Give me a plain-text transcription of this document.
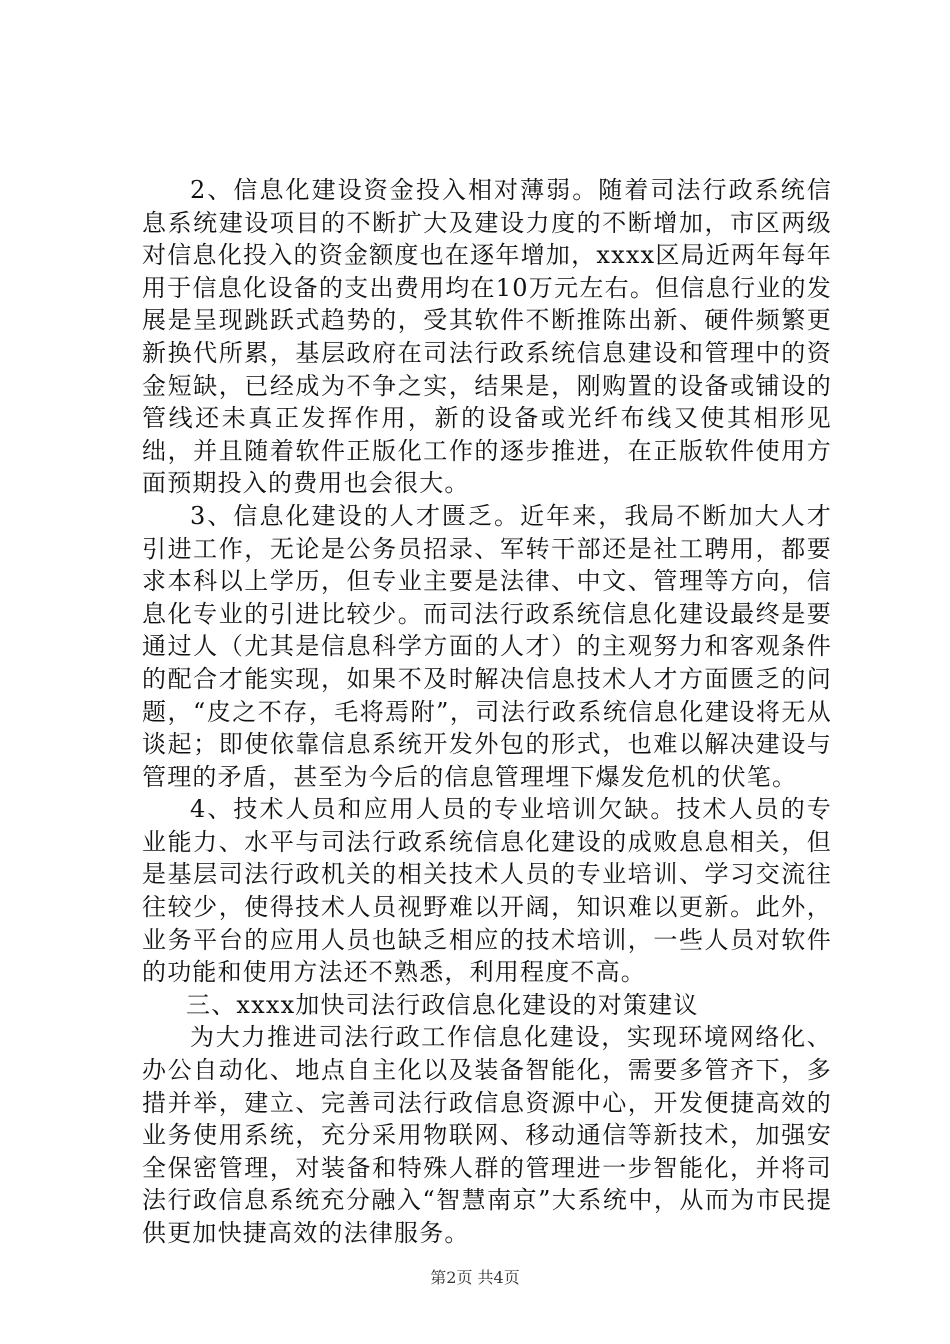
2、信息化建设资金投入相对薄弱。随着司法行政系统信息系统建设项目的不断扩大及建设力度的不断增加，市区两级对信息化投入的资金额度也在逐年增加，xxxx区局近两年每年用于信息化设备的支出费用均在10万元左右。但信息行业的发展是呈现跳跃式趋势的，受其软件不断推陈出新、硬件频繁更新换代所累，基层政府在司法行政系统信息建设和管理中的资金短缺，已经成为不争之实，结果是，刚购置的设备或铺设的管线还未真正发挥作用，新的设备或光纤布线又使其相形见绌，并且随着软件正版化工作的逐步推进，在正版软件使用方面预期投入的费用也会很大。

3、信息化建设的人才匮乏。近年来，我局不断加大人才引进工作，无论是公务员招录、军转干部还是社工聘用，都要求本科以上学历，但专业主要是法律、中文、管理等方向，信息化专业的引进比较少。而司法行政系统信息化建设最终是要通过人（尤其是信息科学方面的人才）的主观努力和客观条件的配合才能实现，如果不及时解决信息技术人才方面匮乏的问题，“皮之不存，毛将焉附”，司法行政系统信息化建设将无从谈起；即使依靠信息系统开发外包的形式，也难以解决建设与管理的矛盾，甚至为今后的信息管理埋下爆发危机的伏笔。

4、技术人员和应用人员的专业培训欠缺。技术人员的专业能力、水平与司法行政系统信息化建设的成败息息相关，但是基层司法行政机关的相关技术人员的专业培训、学习交流往往较少，使得技术人员视野难以开阔，知识难以更新。此外，业务平台的应用人员也缺乏相应的技术培训，一些人员对软件的功能和使用方法还不熟悉，利用程度不高。

三、xxxx加快司法行政信息化建设的对策建议

为大力推进司法行政工作信息化建设，实现环境网络化、办公自动化、地点自主化以及装备智能化，需要多管齐下，多措并举，建立、完善司法行政信息资源中心，开发便捷高效的业务使用系统，充分采用物联网、移动通信等新技术，加强安全保密管理，对装备和特殊人群的管理进一步智能化，并将司法行政信息系统充分融入“智慧南京”大系统中，从而为市民提供更加快捷高效的法律服务。

第2页 共4页
